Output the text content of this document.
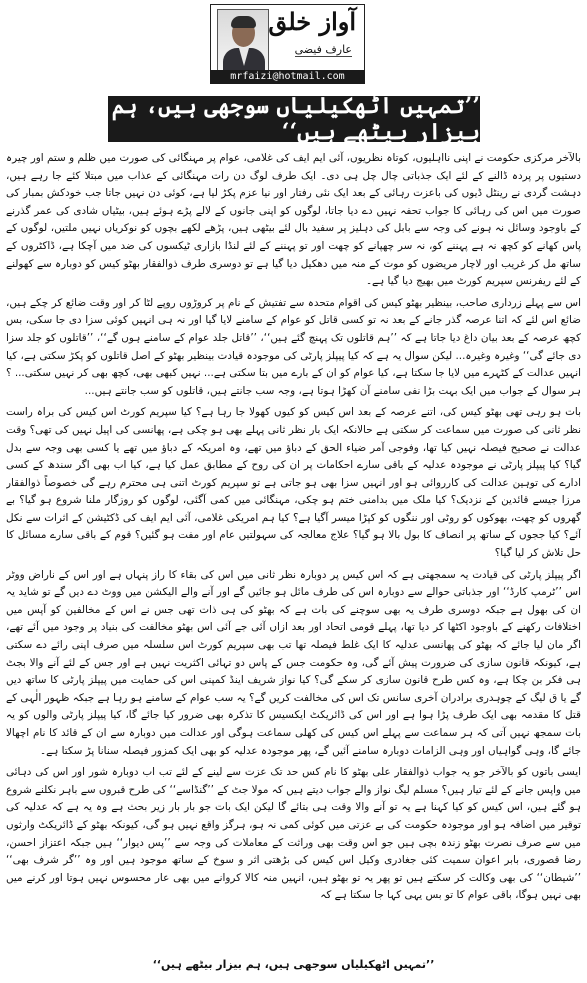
آواز خلق
عارف فیضی
mrfaizi@hotmail.com
’’تمہیں اٹھکیلیاں سوجھی ہیں، ہم بیزار بیٹھے ہیں‘‘

بالآخر مرکزی حکومت نے اپنی نااہلیوں، کوتاہ نظریوں، آئی ایم ایف کی غلامی، عوام پر مہنگائی کی صورت میں ظلم و ستم اور چیرہ دستیوں پر پردہ ڈالنے کے لئے ایک جذباتی چال چل ہی دی۔ ایک طرف لوگ دن رات مہنگائی کے عذاب میں مبتلا کئے جا رہے ہیں، دہشت گردی نے رینٹل ڈیوں کی باعزت رہائی کے بعد ایک نئی رفتار اور نیا عزم پکڑ لیا ہے، کوئی دن نہیں جاتا جب خودکش بمبار کی صورت میں اس کی رہائی کا جواب تحفہ نہیں دے دیا جاتا، لوگوں کو اپنی جانوں کے لالے پڑے ہوئے ہیں، بیٹیاں شادی کی عمر گذرنے کے باوجود وسائل نہ ہونے کی وجہ سے بابل کی دہلیز پر سفید بال لئے بیٹھی ہیں، پڑھے لکھے بچوں کو نوکریاں نہیں ملتیں، لوگوں کے پاس کھانے کو کچھ نہ ہے پہننے کو، نہ سر چھپانے کو چھت اور تو پہننے کے لئے لنڈا بازاری ٹیکسوں کی ضد میں آچکا ہے، ڈاکٹروں کے ساتھ مل کر غریب اور لاچار مریضوں کو موت کے منہ میں دھکیل دیا گیا ہے تو دوسری طرف ذوالفقار بھٹو کیس کو دوبارہ سے کھولنے کے لئے ریفرنس سپریم کورٹ میں بھیج دیا گیا ہے۔

اس سے پہلے زرداری صاحب، بینظیر بھٹو کیس کی اقوام متحدہ سے تفتیش کے نام پر کروڑوں روپے لٹا کر اور وقت ضائع کر چکے ہیں، ضائع اس لئے کہ اتنا عرصہ گذر جانے کے بعد نہ تو کسی قاتل کو عوام کے سامنے لایا گیا اور نہ ہی انہیں کوئی سزا دی جا سکی، بس کچھ عرصہ کے بعد بیان داغ دیا جاتا ہے کہ ’’ہم قاتلوں تک پہنچ گئے ہیں‘‘، ’’قاتل جلد عوام کے سامنے ہوں گے‘‘، ’’قاتلوں کو جلد سزا دی جائے گی‘‘ وغیرہ وغیرہ... لیکن سوال یہ ہے کہ کیا پیپلز پارٹی کی موجودہ قیادت بینظیر بھٹو کے اصل قاتلوں کو پکڑ سکتی ہے، کیا انہیں عدالت کے کٹہرے میں لایا جا سکتا ہے، کیا عوام کو ان کے بارے میں بتا سکتی ہے... نہیں کبھی بھی، کچھ بھی کر نہیں سکتی... ؟ ہر سوال کے جواب میں ایک بہت بڑا نفی سامنے آن کھڑا ہوتا ہے، وجہ سب جانتے ہیں، قاتلوں کو سب جانتے ہیں...

بات ہو رہی تھی بھٹو کیس کی، اتنے عرصہ کے بعد اس کیس کو کیوں کھولا جا رہا ہے؟ کیا سپریم کورٹ اس کیس کی براہ راست نظر ثانی کی صورت میں سماعت کر سکتی ہے حالانکہ ایک بار نظر ثانی پہلے بھی ہو چکی ہے، پھانسی کی اپیل نہیں کی تھی؟ وقت عدالت نے صحیح فیصلہ نہیں کیا تھا، وفوجی آمر ضیاء الحق کے دباؤ میں تھے، وہ امریکہ کے دباؤ میں تھے یا کسی بھی وجہ سے بدل گیا؟ کیا پیپلز پارٹی نے موجودہ عدلیہ کے باقی سارے احکامات پر ان کی روح کے مطابق عمل کیا ہے، کیا اب بھی اگر سندھ کے کسی ادارے کی توہین عدالت کی کارروائی ہو اور انہیں سزا بھی ہو جاتی ہے تو سپریم کورٹ اتنی ہی محترم رہے گی خصوصاً ذوالفقار مرزا جیسے قائدین کے نزدیک؟ کیا ملک میں بدامنی ختم ہو چکی، مہنگائی میں کمی آگئی، لوگوں کو روزگار ملنا شروع ہو گیا؟ بے گھروں کو چھت، بھوکوں کو روٹی اور ننگوں کو کپڑا میسر آگیا ہے؟ کیا ہم امریکی غلامی، آئی ایم ایف کی ڈکٹیشن کے اثرات سے نکل آئے؟ کیا ججوں کے ساتھ پر انصاف کا بول بالا ہو گیا؟ علاج معالجہ کی سہولتیں عام اور مفت ہو گئیں؟ قوم کے باقی سارے مسائل کا حل تلاش کر لیا گیا؟

اگر پیپلز پارٹی کی قیادت یہ سمجھتی ہے کہ اس کیس پر دوبارہ نظر ثانی میں اس کی بقاء کا راز پنہاں ہے اور اس کے ناراض ووٹر اس ’’ٹرمپ کارڈ‘‘ اور جذباتی حوالے سے دوبارہ اس کی طرف مائل ہو جائیں گے اور آنے والے الیکشن میں ووٹ دے دیں گے تو شاید یہ ان کی بھول ہے جبکہ دوسری طرف یہ بھی سوچنے کی بات ہے کہ بھٹو کی ہی ذات تھی جس نے اس کے مخالفین کو آپس میں اختلافات رکھنے کے باوجود اکٹھا کر دیا تھا، پہلے قومی اتحاد اور بعد ازاں آئی جے آئی اس بھٹو مخالفت کی بنیاد پر وجود میں آئے تھے، اگر مان لیا جائے کہ بھٹو کی پھانسی عدلیہ کا ایک غلط فیصلہ تھا تب بھی سپریم کورٹ اس سلسلہ میں صرف اپنی رائے دے سکتی ہے، کیونکہ قانون سازی کی ضرورت پیش آئے گی، وہ حکومت جس کے پاس دو تہائی اکثریت نہیں ہے اور جس کے لئے آنے والا بجٹ ہی فکر بن چکا ہے، وہ کس طرح قانون سازی کر سکے گی؟ کیا نواز شریف اینڈ کمپنی اس کی حمایت میں پیپلز پارٹی کا ساتھ دیں گے یا ق لیگ کے چوہدری برادران آخری سانس تک اس کی مخالفت کریں گے؟ یہ سب عوام کے سامنے ہو رہا ہے جبکہ ظہور الٰہی کے قتل کا مقدمہ بھی ایک طرف پڑا ہوا ہے اور اس کی ڈائریکٹ ایکسیس کا تذکرہ بھی ضرور کیا جائے گا، کیا پیپلز پارٹی والوں کو یہ بات سمجھ نہیں آتی کہ ہر سماعت سے پہلے اس کیس کی کھلی سماعت ہوگی اور عدالت میں دوبارہ سے ان کے قائد کا نام اچھالا جائے گا، وہی گواہیاں اور وہی الزامات دوبارہ سامنے آئیں گے، پھر موجودہ عدلیہ کو بھی ایک کمزور فیصلہ سنانا پڑ سکتا ہے۔

ایسی باتوں کو بالآخر جو یہ جواب ذوالفقار علی بھٹو کا نام کس حد تک عزت سے لینے کے لئے تب اب دوبارہ شور اور اس کی دہائی میں واپس جانے کے لئے تیار ہیں؟ مسلم لیگ نواز والے جواب دیتے ہیں کہ مولا جٹ کے ’’گنڈاسے‘‘ کی طرح قبروں سے باہر نکلنے شروع ہو گئے ہیں، اس کیس کو کیا کہنا ہے یہ تو آنے والا وقت ہی بتائے گا لیکن ایک بات جو بار بار زیر بحث ہے وہ یہ ہے کہ عدلیہ کی توقیر میں اضافہ ہو اور موجودہ حکومت کی بے عزتی میں کوئی کمی نہ ہو، ہرگز واقع نہیں ہو گی، کیونکہ بھٹو کے ڈائریکٹ وارثوں میں سے صرف نصرت بھٹو زندہ بچی ہیں جو اس وقت بھی وراثت کے معاملات کی وجہ سے ’’پس دیوار‘‘ ہیں جبکہ اعتزاز احسن، رضا قصوری، بابر اعوان سمیت کئی جغادری وکیل اس کیس کی بڑھتی اثر و سوخ کے ساتھ موجود ہیں اور وہ ’’گر شرف بھی‘‘ ’’شیطان‘‘ کی بھی وکالت کر سکتے ہیں تو پھر یہ تو بھٹو ہیں، انہیں منہ کالا کروانے میں بھی عار محسوس نہیں ہوتا اور کرنے میں بھی نہیں ہوگا، باقی عوام کا تو بس یہی کہا جا سکتا ہے کہ

’’تمہیں اٹھکیلیاں سوجھی ہیں، ہم بیزار بیٹھے ہیں‘‘
